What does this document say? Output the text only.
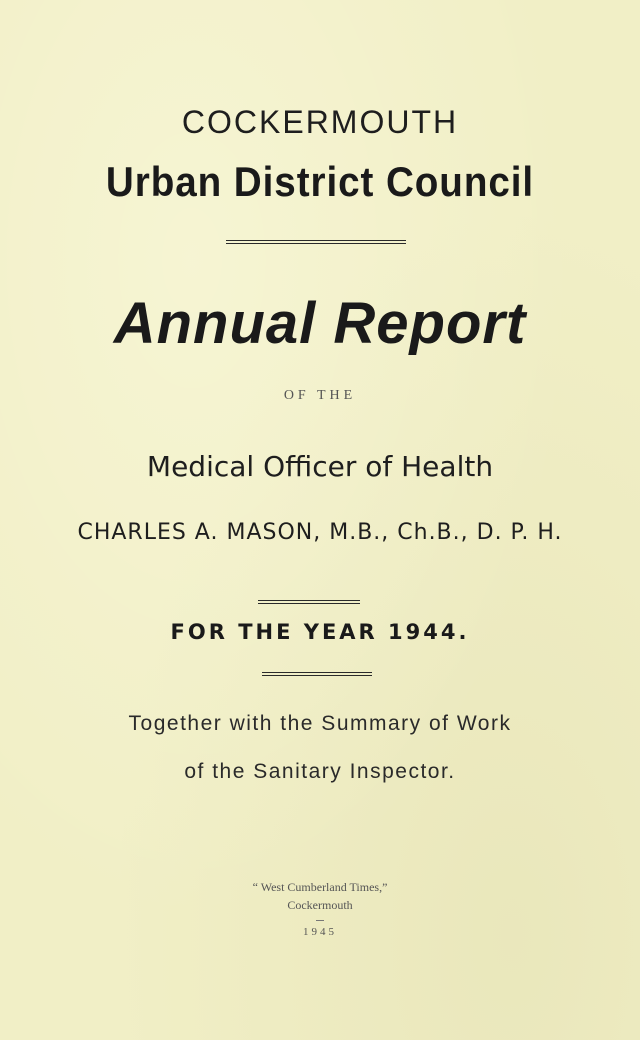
COCKERMOUTH
Urban District Council
Annual Report
OF THE
Medical Officer of Health
CHARLES A. MASON, M.B., Ch.B., D. P. H.
FOR THE YEAR 1944.
Together with the Summary of Work
of the Sanitary Inspector.
“ West Cumberland Times,”
Cockermouth
1945
